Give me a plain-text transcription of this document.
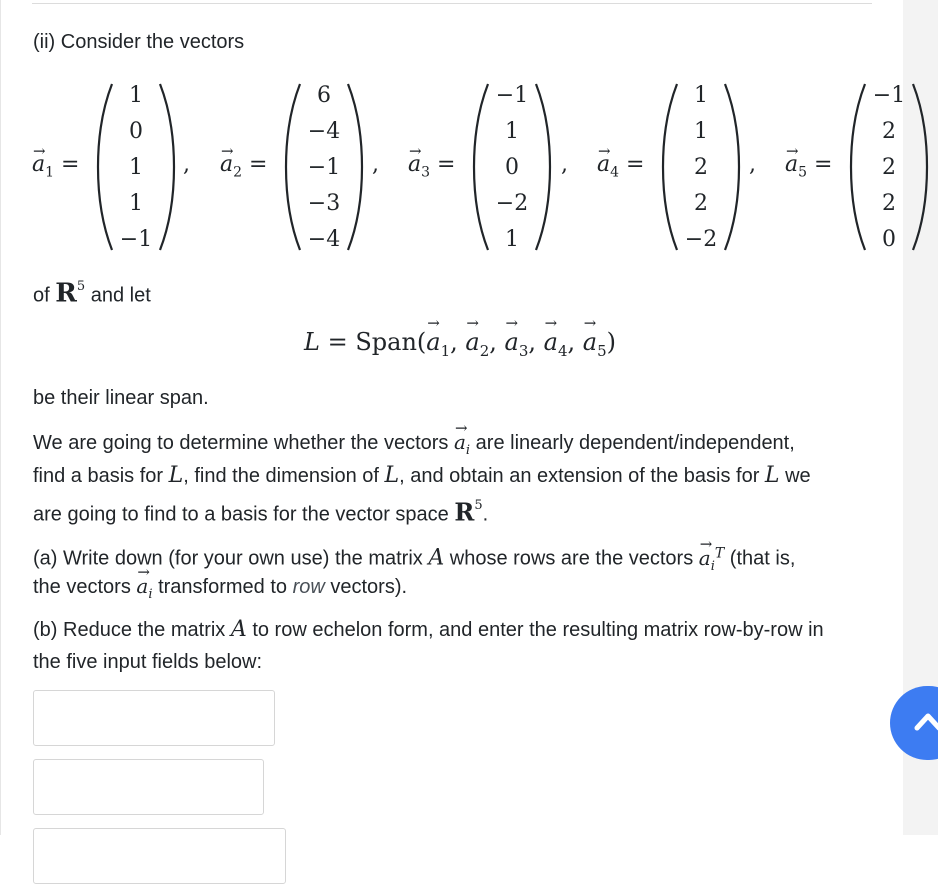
(ii) Consider the vectors
→ $a_1$ =
1
0
1
1
−1
, → $a_2$ =
6
−4
−1
−3
−4
, → $a_3$ =
−1
1
0
−2
1
, → $a_4$ =
1
1
2
2
−2
, → $a_5$ =
−1
2
2
2
0
of $R^5$ and let
L = Span(→ $a_1$, → $a_2$, → $a_3$, → $a_4$, → $a_5$)
be their linear span.
We are going to determine whether the vectors → $a_i$ are linearly dependent/independent,
find a basis for L, find the dimension of L, and obtain an extension of the basis for L we
are going to find to a basis for the vector space $R^5$.
(a) Write down (for your own use) the matrix A whose rows are the vectors → $a_i^T$ (that is,
the vectors → $a_i$ transformed to row vectors).
(b) Reduce the matrix A to row echelon form, and enter the resulting matrix row-by-row in
the five input fields below:
